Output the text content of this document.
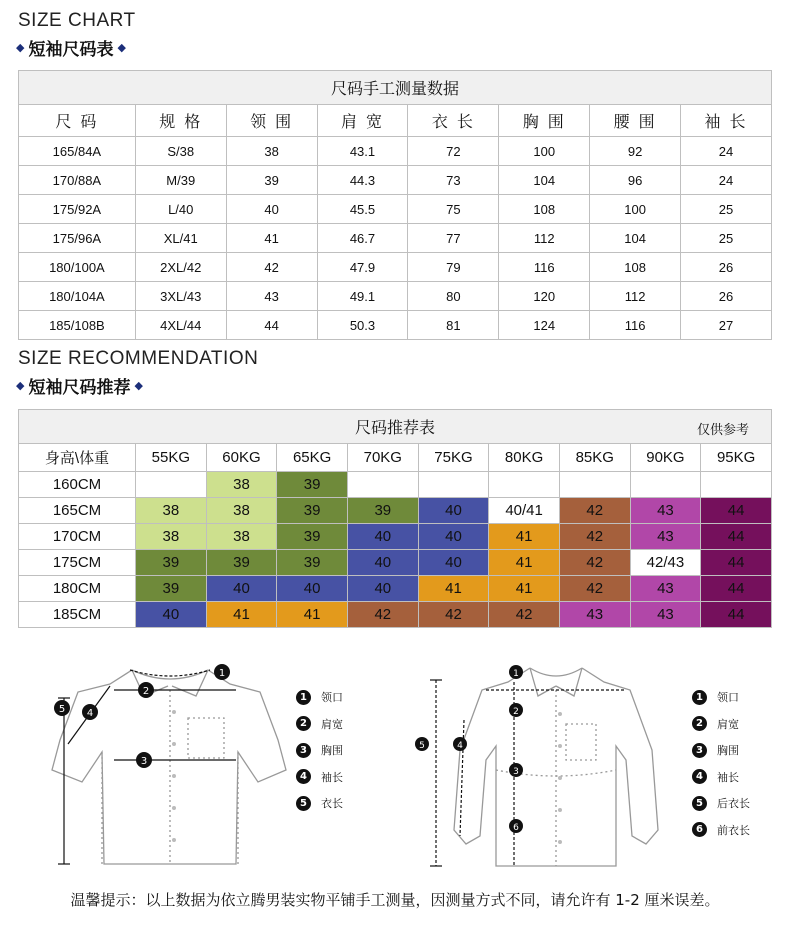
SIZE CHART
◆ 短袖尺码表 ◆
尺码手工测量数据							
尺 码	规 格	领 围	肩 宽	衣 长	胸 围	腰 围	袖 长
165/84A	S/38	38	43.1	72	100	92	24
170/88A	M/39	39	44.3	73	104	96	24
175/92A	L/40	40	45.5	75	108	100	25
175/96A	XL/41	41	46.7	77	112	104	25
180/100A	2XL/42	42	47.9	79	116	108	26
180/104A	3XL/43	43	49.1	80	120	112	26
185/108B	4XL/44	44	50.3	81	124	116	27
SIZE RECOMMENDATION
◆ 短袖尺码推荐 ◆
尺码推荐表 仅供参考									

身高\体重	55KG	60KG	65KG	70KG	75KG	80KG	85KG	90KG	95KG
160CM		38	39						
165CM	38	38	39	39	40	40/41	42	43	44
170CM	38	38	39	40	40	41	42	43	44
175CM	39	39	39	40	40	41	42	42/43	44
180CM	39	40	40	40	41	41	42	43	44
185CM	40	41	41	42	42	42	43	43	44
1
2
3
4
5
1	领口
2	肩宽
3	胸围
4	袖长
5	衣长
1
2
3
4
5
6
1	领口
2	肩宽
3	胸围
4	袖长
5	后衣长
6	前衣长
温馨提示：以上数据为依立腾男装实物平铺手工测量，因测量方式不同，请允许有 1-2 厘米误差。
